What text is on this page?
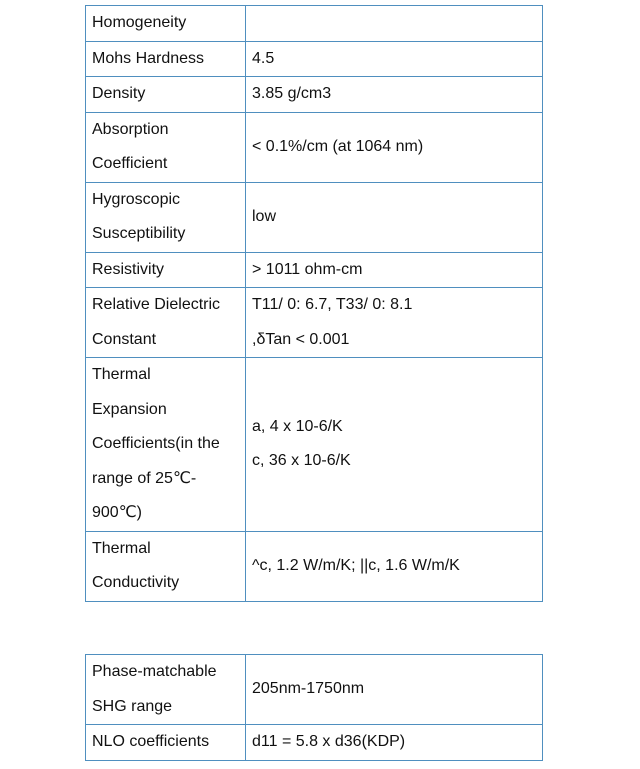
Homogeneity	

Mohs Hardness	4.5

Density	3.85 g/cm3

Absorption
Coefficient	< 0.1%/cm (at 1064 nm)

Hygroscopic
Susceptibility	low

Resistivity	> 1011 ohm-cm

Relative Dielectric
Constant	T11/ 0: 6.7, T33/ 0: 8.1
,δTan < 0.001

Thermal
Expansion
Coefficients(in the
range of 25℃-
900℃)	a, 4 x 10-6/K
c, 36 x 10-6/K

Thermal
Conductivity	^c, 1.2 W/m/K; ||c, 1.6 W/m/K
Phase-matchable
SHG range	205nm-1750nm

NLO coefficients	d11 = 5.8 x d36(KDP)
